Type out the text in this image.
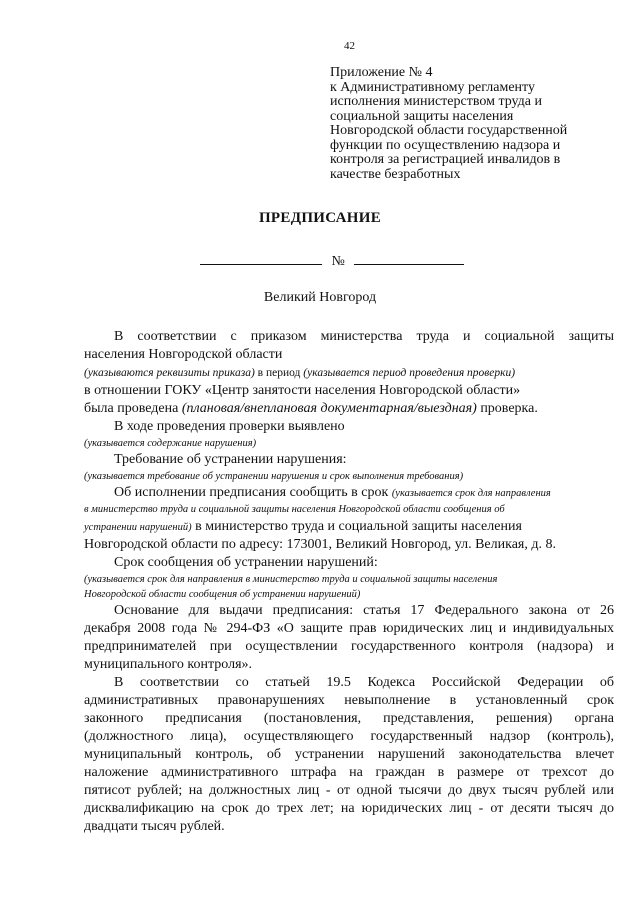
42
Приложение № 4
к Административному регламенту
исполнения министерством труда и
социальной защиты населения
Новгородской области государственной
функции по осуществлению надзора и
контроля за регистрацией инвалидов в
качестве безработных
ПРЕДПИСАНИЕ
№
Великий Новгород
В соответствии с приказом министерства труда и социальной защиты
населения Новгородской области
(указываются реквизиты приказа) в период (указывается период проведения проверки)
в отношении ГОКУ «Центр занятости населения Новгородской области»
была проведена (плановая/внеплановая документарная/выездная) проверка.
В ходе проведения проверки выявлено
(указывается содержание нарушения)
Требование об устранении нарушения:
(указывается требование об устранении нарушения и срок выполнения требования)
Об исполнении предписания сообщить в срок (указывается срок для направления
в министерство труда и социальной защиты населения Новгородской области сообщения об
устранении нарушений) в министерство труда и социальной защиты населения
Новгородской области по адресу: 173001, Великий Новгород, ул. Великая, д. 8.
Срок сообщения об устранении нарушений:
(указывается срок для направления в министерство труда и социальной защиты населения
Новгородской области сообщения об устранении нарушений)
Основание для выдачи предписания: статья 17 Федерального закона от 26
декабря 2008 года № 294-ФЗ «О защите прав юридических лиц и индивидуальных
предпринимателей при осуществлении государственного контроля (надзора) и
муниципального контроля».
В соответствии со статьей 19.5 Кодекса Российской Федерации об
административных правонарушениях невыполнение в установленный срок
законного предписания (постановления, представления, решения) органа
(должностного лица), осуществляющего государственный надзор (контроль),
муниципальный контроль, об устранении нарушений законодательства влечет
наложение административного штрафа на граждан в размере от трехсот до
пятисот рублей; на должностных лиц - от одной тысячи до двух тысяч рублей или
дисквалификацию на срок до трех лет; на юридических лиц - от десяти тысяч до
двадцати тысяч рублей.
